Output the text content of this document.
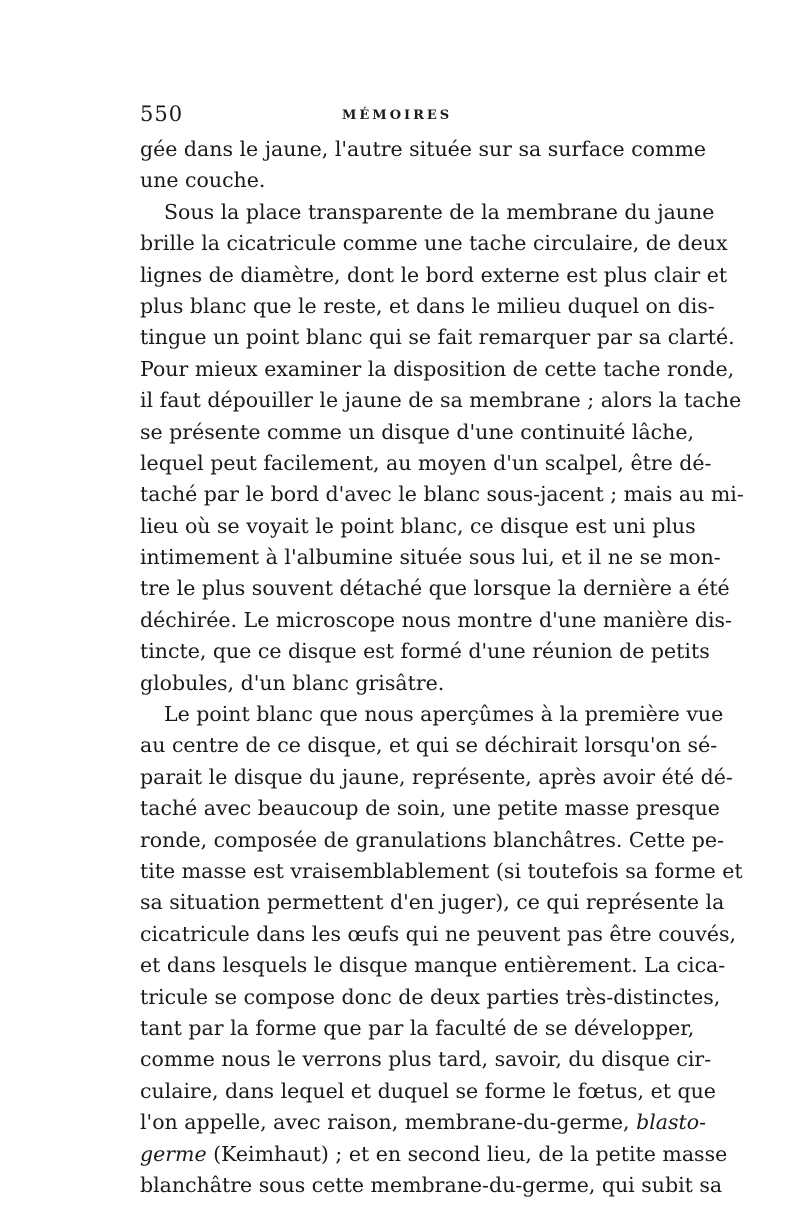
550	MÉMOIRES
gée dans le jaune, l'autre située sur sa surface comme
une couche.
Sous la place transparente de la membrane du jaune
brille la cicatricule comme une tache circulaire, de deux
lignes de diamètre, dont le bord externe est plus clair et
plus blanc que le reste, et dans le milieu duquel on dis-
tingue un point blanc qui se fait remarquer par sa clarté.
Pour mieux examiner la disposition de cette tache ronde,
il faut dépouiller le jaune de sa membrane ; alors la tache
se présente comme un disque d'une continuité lâche,
lequel peut facilement, au moyen d'un scalpel, être dé-
taché par le bord d'avec le blanc sous-jacent ; mais au mi-
lieu où se voyait le point blanc, ce disque est uni plus
intimement à l'albumine située sous lui, et il ne se mon-
tre le plus souvent détaché que lorsque la dernière a été
déchirée. Le microscope nous montre d'une manière dis-
tincte, que ce disque est formé d'une réunion de petits
globules, d'un blanc grisâtre.
Le point blanc que nous aperçûmes à la première vue
au centre de ce disque, et qui se déchirait lorsqu'on sé-
parait le disque du jaune, représente, après avoir été dé-
taché avec beaucoup de soin, une petite masse presque
ronde, composée de granulations blanchâtres. Cette pe-
tite masse est vraisemblablement (si toutefois sa forme et
sa situation permettent d'en juger), ce qui représente la
cicatricule dans les œufs qui ne peuvent pas être couvés,
et dans lesquels le disque manque entièrement. La cica-
tricule se compose donc de deux parties très-distinctes,
tant par la forme que par la faculté de se développer,
comme nous le verrons plus tard, savoir, du disque cir-
culaire, dans lequel et duquel se forme le fœtus, et que
l'on appelle, avec raison, membrane-du-germe, blasto-
germe (Keimhaut) ; et en second lieu, de la petite masse
blanchâtre sous cette membrane-du-germe, qui subit sa
